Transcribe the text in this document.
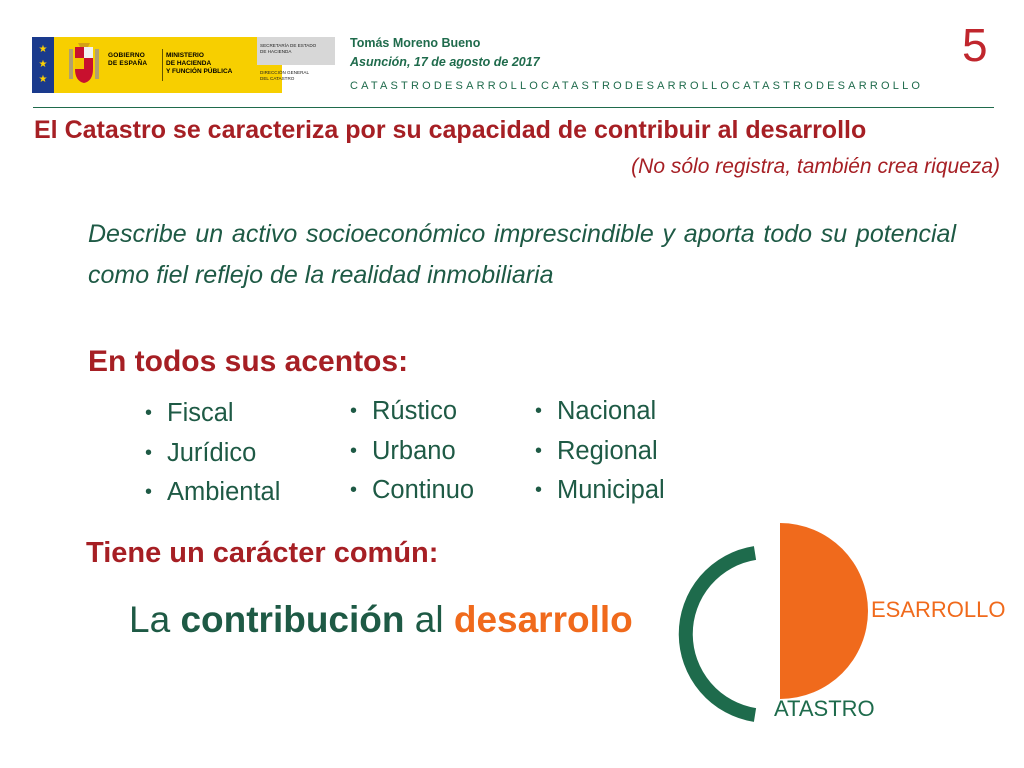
★
★
★
GOBIERNO
DE ESPAÑA
MINISTERIO
DE HACIENDA
Y FUNCIÓN PÚBLICA
SECRETARÍA DE ESTADO
DE HACIENDA
DIRECCIÓN GENERAL
DEL CATASTRO
Tomás Moreno Bueno
Asunción, 17 de agosto de 2017
CATASTRODESARROLLOCATASTRODESARROLLOCATASTRODESARROLLO
5
El Catastro se caracteriza por su capacidad de contribuir al desarrollo
(No sólo registra, también crea riqueza)
Describe un activo socioeconómico imprescindible y aporta todo su potencial como fiel reflejo de la realidad inmobiliaria
En todos sus acentos:
• Fiscal
• Jurídico
• Ambiental
• Rústico
• Urbano
• Continuo
• Nacional
• Regional
• Municipal
Tiene un carácter común:
La contribución al desarrollo	ESARROLLO
ATASTRO
